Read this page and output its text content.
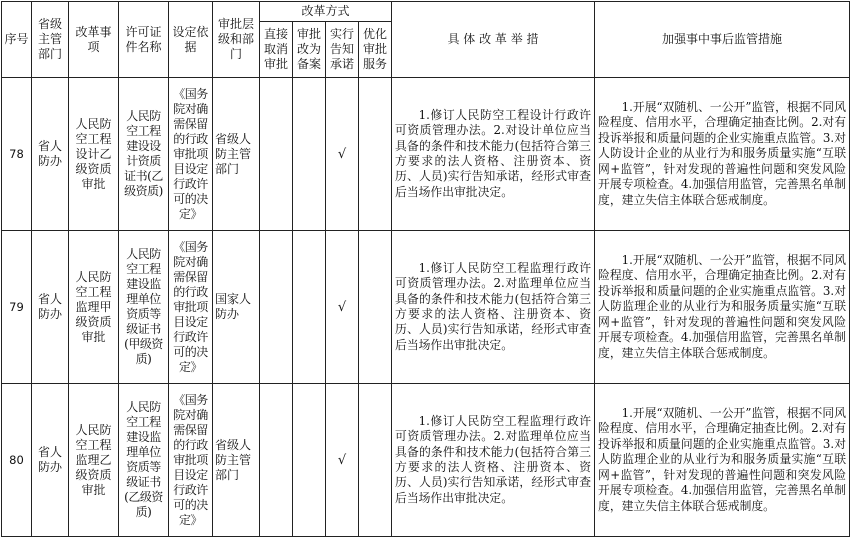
序号	省级主管部门	改革事项	许可证件名称	设定依据	审批层级和部门	改革方式				具 体 改 革 举 措	加强事中事后监管措施
						直接取消审批	审批改为备案	实行告知承诺	优化审批服务		
78	省人防办	人民防空工程设计乙级资质审批	人民防空工程建设设计资质证书(乙级资质)	《国务院对确需保留的行政审批项目设定行政许可的决定》	省级人防主管部门			√		1.修订人民防空工程设计行政许可资质管理办法。2.对设计单位应当具备的条件和技术能力(包括符合第三方要求的法人资格、注册资本、资历、人员)实行告知承诺，经形式审查后当场作出审批决定。	1.开展“双随机、一公开”监管，根据不同风险程度、信用水平，合理确定抽查比例。2.对有投诉举报和质量问题的企业实施重点监管。3.对人防设计企业的从业行为和服务质量实施“互联网+监管”，针对发现的普遍性问题和突发风险开展专项检查。4.加强信用监管，完善黑名单制度，建立失信主体联合惩戒制度。

79	省人防办	人民防空工程监理甲级资质审批	人民防空工程建设监理单位资质等级证书(甲级资质)	《国务院对确需保留的行政审批项目设定行政许可的决定》	国家人防办			√		1.修订人民防空工程监理行政许可资质管理办法。2.对监理单位应当具备的条件和技术能力(包括符合第三方要求的法人资格、注册资本、资历、人员)实行告知承诺，经形式审查后当场作出审批决定。	1.开展“双随机、一公开”监管，根据不同风险程度、信用水平，合理确定抽查比例。2.对有投诉举报和质量问题的企业实施重点监管。3.对人防监理企业的从业行为和服务质量实施“互联网+监管”，针对发现的普遍性问题和突发风险开展专项检查。4.加强信用监管，完善黑名单制度，建立失信主体联合惩戒制度。

80	省人防办	人民防空工程监理乙级资质审批	人民防空工程建设监理单位资质等级证书(乙级资质)	《国务院对确需保留的行政审批项目设定行政许可的决定》	省级人防主管部门			√		1.修订人民防空工程监理行政许可资质管理办法。2.对监理单位应当具备的条件和技术能力(包括符合第三方要求的法人资格、注册资本、资历、人员)实行告知承诺，经形式审查后当场作出审批决定。	1.开展“双随机、一公开”监管，根据不同风险程度、信用水平，合理确定抽查比例。2.对有投诉举报和质量问题的企业实施重点监管。3.对人防监理企业的从业行为和服务质量实施“互联网+监管”，针对发现的普遍性问题和突发风险开展专项检查。4.加强信用监管，完善黑名单制度，建立失信主体联合惩戒制度。
